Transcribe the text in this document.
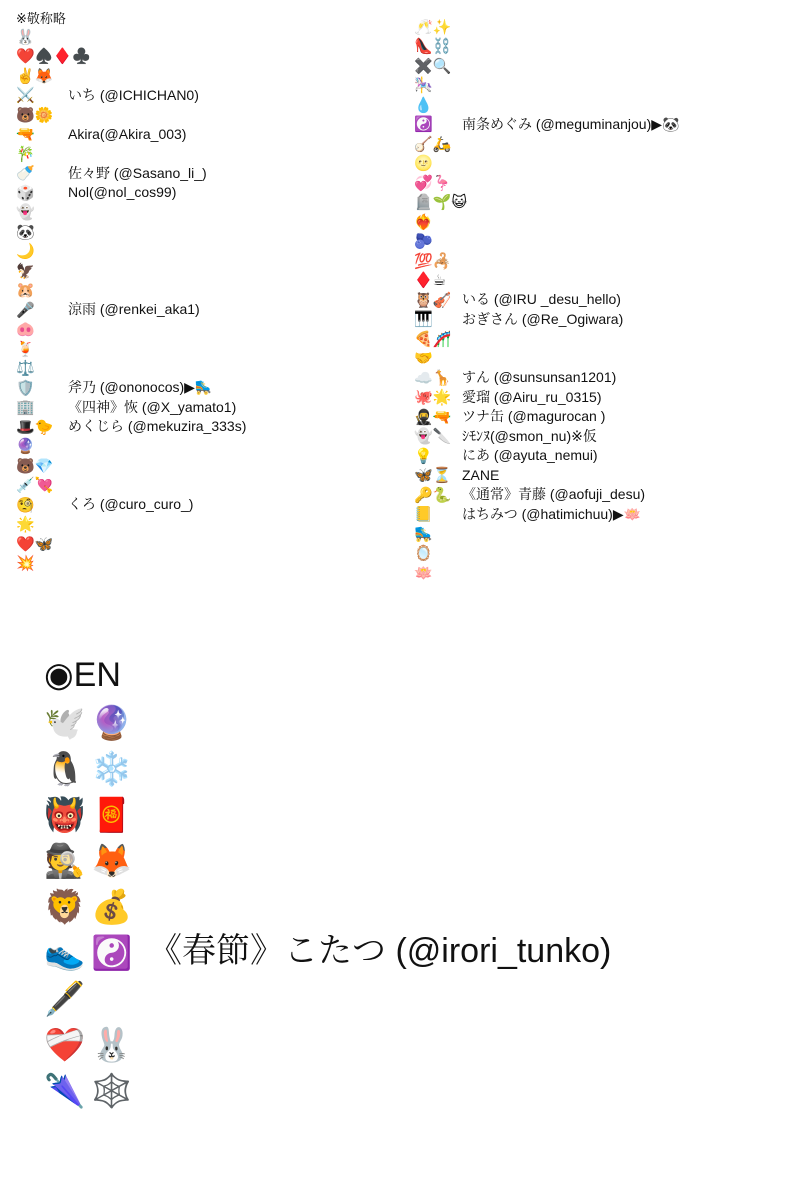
※敬称略
🐰
❤️♠️♦️♣️
✌️🦊
⚔️ いち (@ICHICHAN0)
🐻🌼
🔫 Akira(@Akira_003)
🎋
🍼 佐々野 (@Sasano_li_)
🎲 Nol(@nol_cos99)
👻
🐼
🌙
🦅
🐹
🎤 涼雨 (@renkei_aka1)
🐽
🍹
⚖️
🛡️ 斧乃 (@ononocos)▶︎🛼
🏢 《四神》恢 (@X_yamato1)
🎩🐤 めくじら (@mekuzira_333s)
🔮
🐻💎
💉💘
🧐 くろ (@curo_curo_)
🌟
❤️🦋
💥
🥂✨
👠⛓️
✖️🔍
🎠
💧
☯️ 南条めぐみ (@meguminanjou)▶︎🐼
🪕🛵
🌝
💞🦩
🪦🌱😺
❤️‍🔥
🫐
💯🦂
♦️☕
🦉🎻 いる (@IRU _desu_hello)
🎹 おぎさん (@Re_Ogiwara)
🍕🎢
🤝
☁️🦒 すん (@sunsunsan1201)
🐙🌟 愛瑠 (@Airu_ru_0315)
🥷🔫 ツナ缶 (@magurocan )
👻🔪 ｼﾓﾝﾇ(@smon_nu)※仮
💡 にあ (@ayuta_nemui)
🦋⏳ ZANE
🔑🐍 《通常》青藤 (@aofuji_desu)
📒 はちみつ (@hatimichuu)▶︎🪷
🛼
🪞
🪷
◉EN
🕊️🔮
🐧❄️
👹🧧
🕵️🦊
🦁💰
👟☯️ 《春節》こたつ (@irori_tunko)
🖋️
❤️‍🩹🐰
🌂🕸️
